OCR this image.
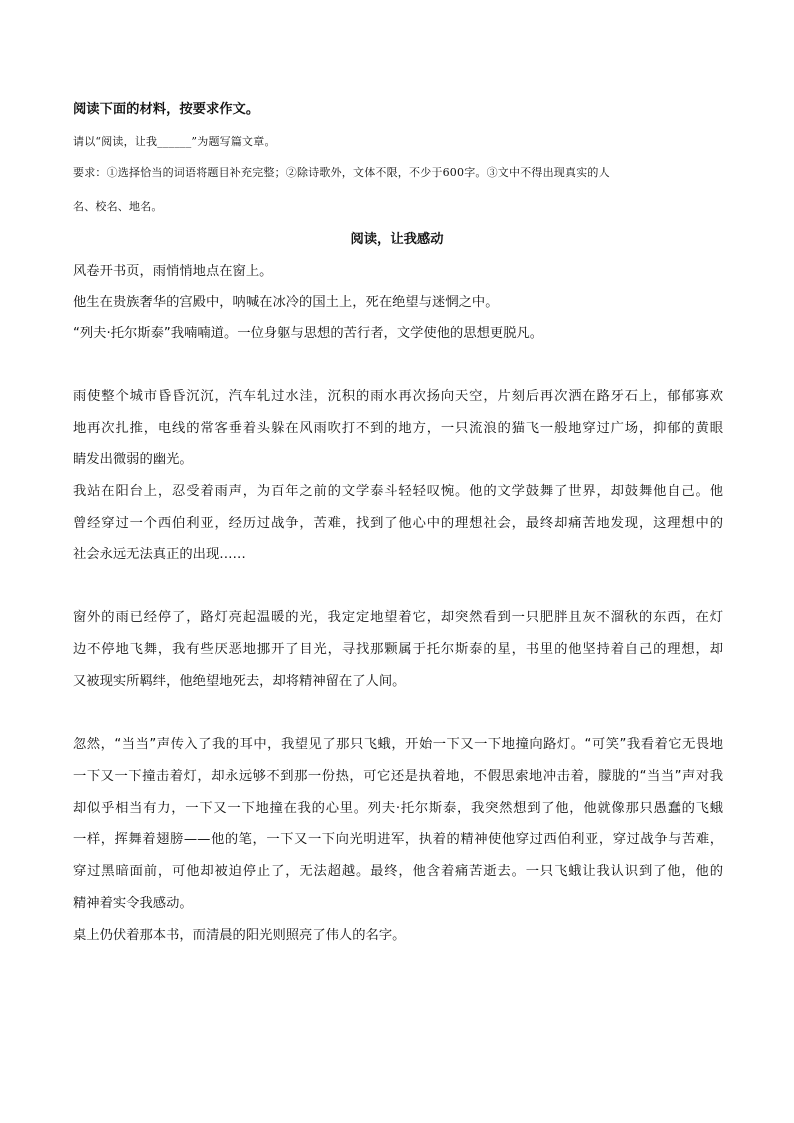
阅读下面的材料，按要求作文。
请以“阅读，让我______”为题写篇文章。
要求：①选择恰当的词语将题目补充完整；②除诗歌外，文体不限，不少于600字。③文中不得出现真实的人
名、校名、地名。
阅读，让我感动
风卷开书页，雨悄悄地点在窗上。
他生在贵族奢华的宫殿中，呐喊在冰冷的国土上，死在绝望与迷惘之中。
“列夫·托尔斯泰”我喃喃道。一位身躯与思想的苦行者，文学使他的思想更脱凡。
雨使整个城市昏昏沉沉，汽车轧过水洼，沉积的雨水再次扬向天空，片刻后再次洒在路牙石上，郁郁寡欢
地再次扎推，电线的常客垂着头躲在风雨吹打不到的地方，一只流浪的猫飞一般地穿过广场，抑郁的黄眼
睛发出微弱的幽光。
我站在阳台上，忍受着雨声，为百年之前的文学泰斗轻轻叹惋。他的文学鼓舞了世界，却鼓舞他自己。他
曾经穿过一个西伯利亚，经历过战争，苦难，找到了他心中的理想社会，最终却痛苦地发现，这理想中的
社会永远无法真正的出现……
窗外的雨已经停了，路灯亮起温暖的光，我定定地望着它，却突然看到一只肥胖且灰不溜秋的东西，在灯
边不停地飞舞，我有些厌恶地挪开了目光，寻找那颗属于托尔斯泰的星，书里的他坚持着自己的理想，却
又被现实所羁绊，他绝望地死去，却将精神留在了人间。
忽然，“当当”声传入了我的耳中，我望见了那只飞蛾，开始一下又一下地撞向路灯。“可笑”我看着它无畏地
一下又一下撞击着灯，却永远够不到那一份热，可它还是执着地，不假思索地冲击着，朦胧的“当当”声对我
却似乎相当有力，一下又一下地撞在我的心里。列夫·托尔斯泰，我突然想到了他，他就像那只愚蠢的飞蛾
一样，挥舞着翅膀——他的笔，一下又一下向光明进军，执着的精神使他穿过西伯利亚，穿过战争与苦难，
穿过黑暗面前，可他却被迫停止了，无法超越。最终，他含着痛苦逝去。一只飞蛾让我认识到了他，他的
精神着实令我感动。
桌上仍伏着那本书，而清晨的阳光则照亮了伟人的名字。
